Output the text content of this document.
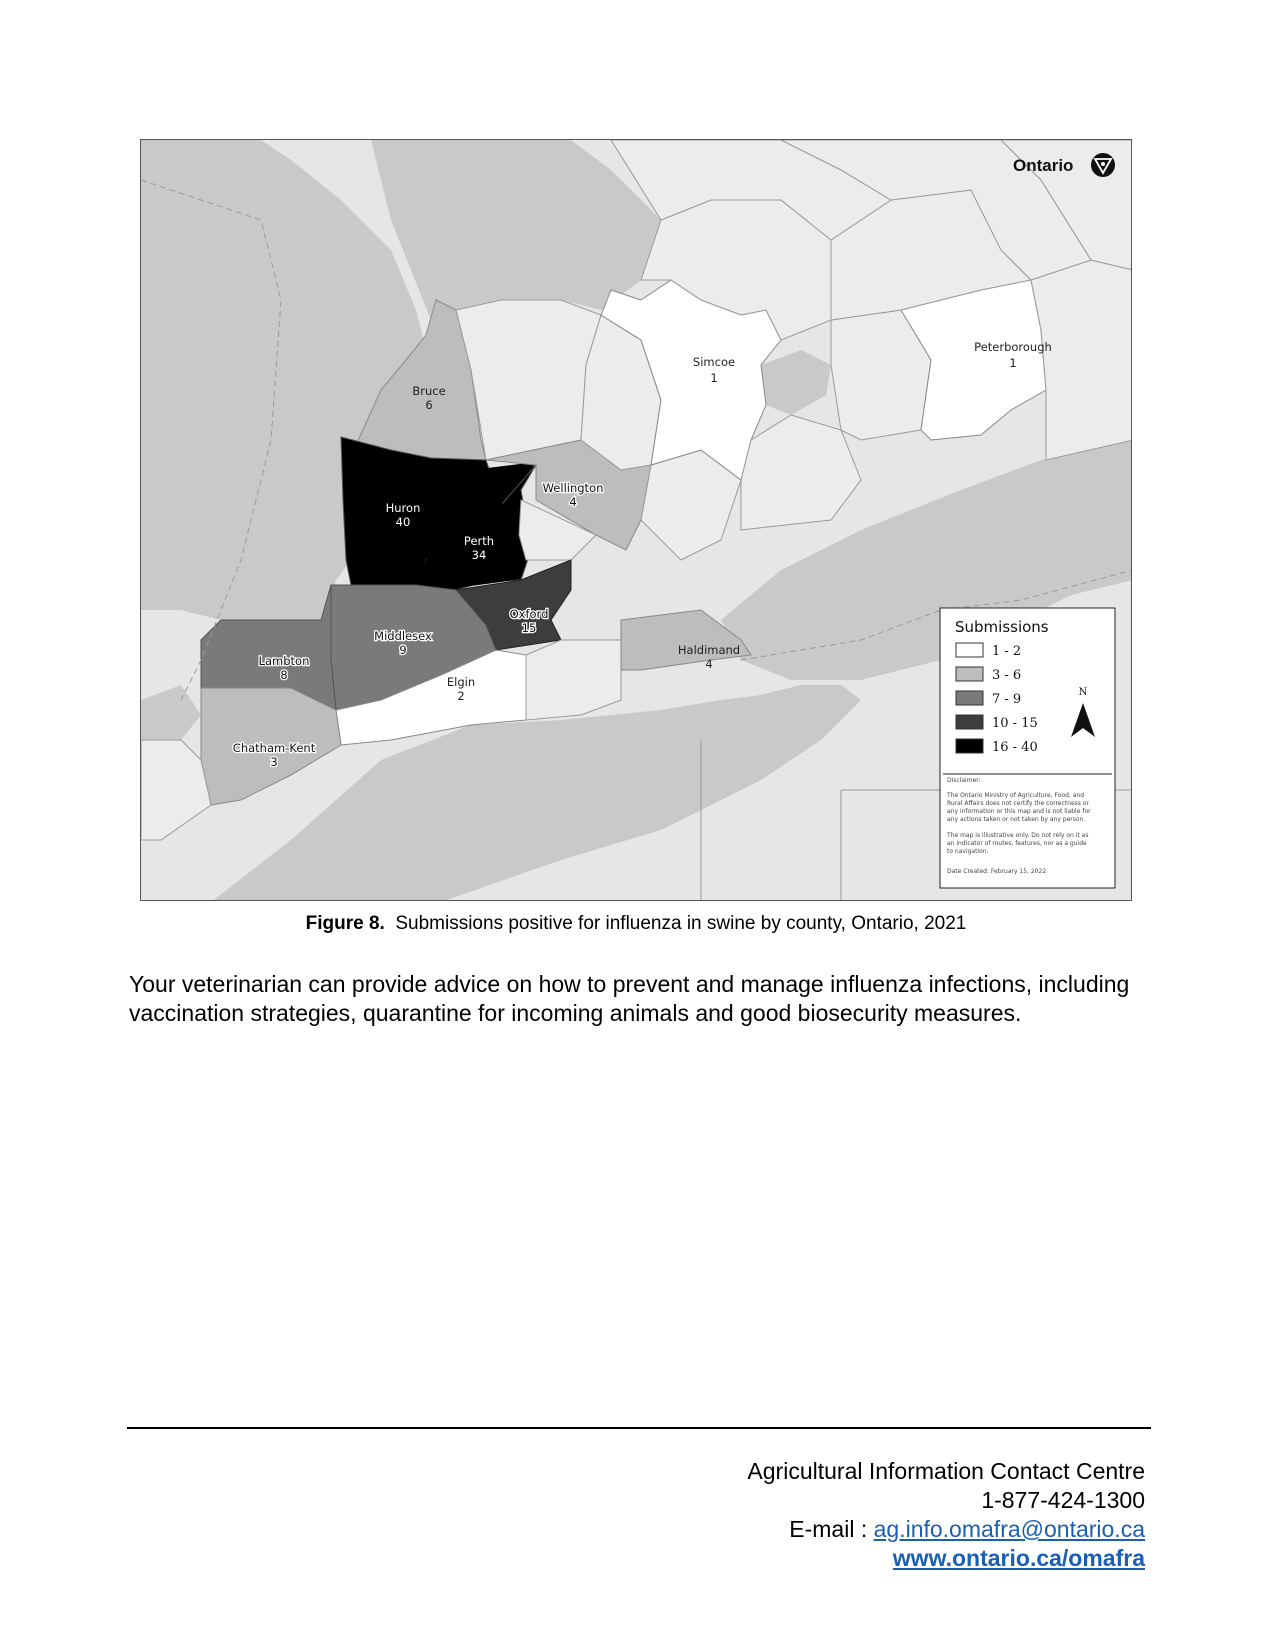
Bruce 6
Huron 40
Perth 34
Wellington 4
Simcoe 1
Peterborough 1
Oxford 15
Middlesex 9
Lambton 8	Elgin 2
Haldimand 4
Chatham-Kent 3
Ontario
Submissions
1 - 2
3 - 6
7 - 9
10 - 15
16 - 40
N
Disclaimer:
The Ontario Ministry of Agriculture, Food, and
Rural Affairs does not certify the correctness or
any information or this map and is not liable for
any actions taken or not taken by any person.
The map is illustrative only. Do not rely on it as
an indicator of routes, features, nor as a guide
to navigation.
Date Created: February 15, 2022
Figure 8. Submissions positive for influenza in swine by county, Ontario, 2021
Your veterinarian can provide advice on how to prevent and manage influenza infections, including vaccination strategies, quarantine for incoming animals and good biosecurity measures.
Agricultural Information Contact Centre
1-877-424-1300
E-mail : ag.info.omafra@ontario.ca
www.ontario.ca/omafra
